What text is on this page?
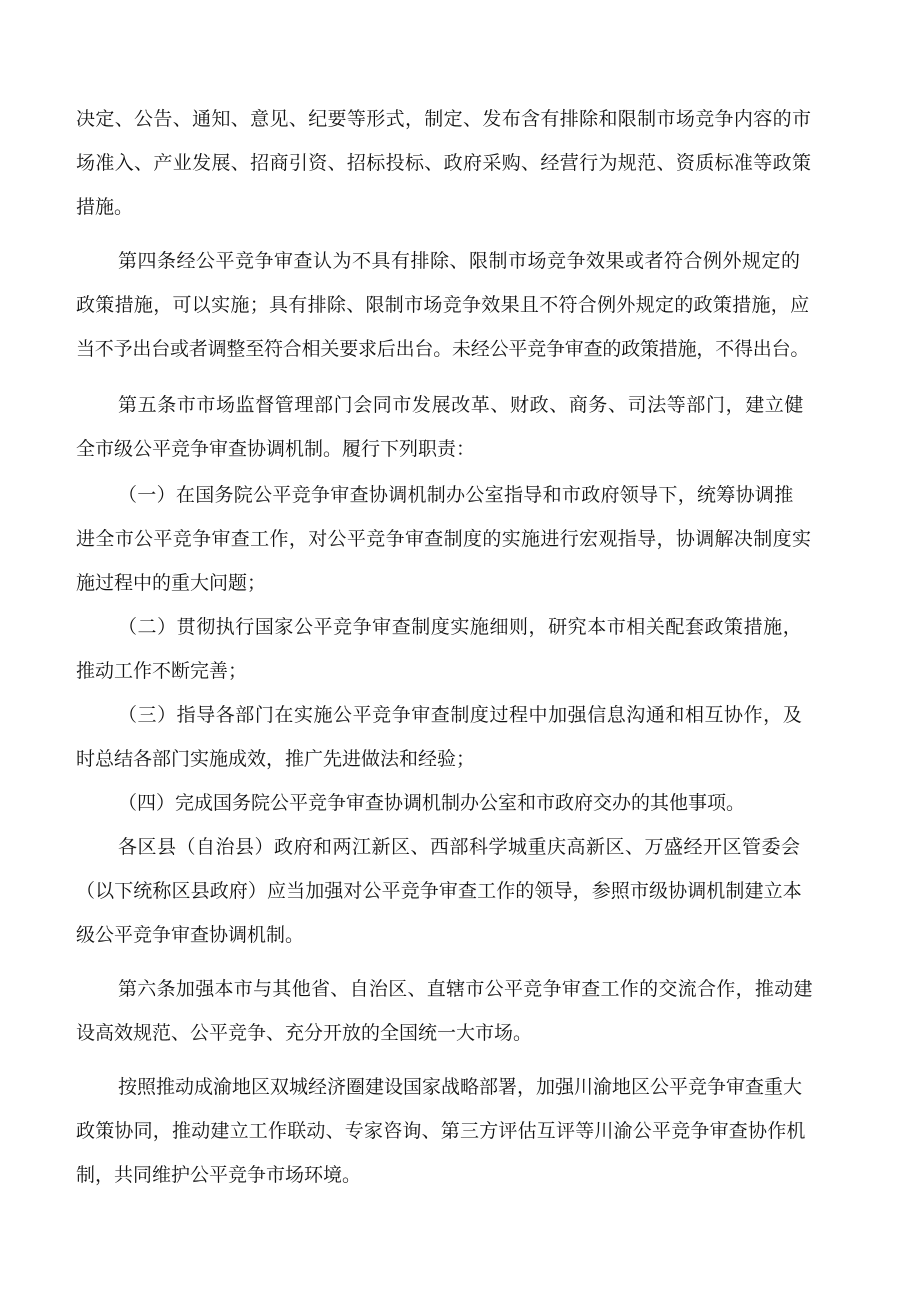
决定、公告、通知、意见、纪要等形式，制定、发布含有排除和限制市场竞争内容的市

场准入、产业发展、招商引资、招标投标、政府采购、经营行为规范、资质标准等政策

措施。

第四条经公平竞争审查认为不具有排除、限制市场竞争效果或者符合例外规定的

政策措施，可以实施；具有排除、限制市场竞争效果且不符合例外规定的政策措施，应

当不予出台或者调整至符合相关要求后出台。未经公平竞争审查的政策措施，不得出台。

第五条市市场监督管理部门会同市发展改革、财政、商务、司法等部门，建立健

全市级公平竞争审查协调机制。履行下列职责：

（一）在国务院公平竞争审查协调机制办公室指导和市政府领导下，统筹协调推

进全市公平竞争审查工作，对公平竞争审查制度的实施进行宏观指导，协调解决制度实

施过程中的重大问题；

（二）贯彻执行国家公平竞争审查制度实施细则，研究本市相关配套政策措施，

推动工作不断完善；

（三）指导各部门在实施公平竞争审查制度过程中加强信息沟通和相互协作，及

时总结各部门实施成效，推广先进做法和经验；

（四）完成国务院公平竞争审查协调机制办公室和市政府交办的其他事项。

各区县（自治县）政府和两江新区、西部科学城重庆高新区、万盛经开区管委会

（以下统称区县政府）应当加强对公平竞争审查工作的领导，参照市级协调机制建立本

级公平竞争审查协调机制。

第六条加强本市与其他省、自治区、直辖市公平竞争审查工作的交流合作，推动建

设高效规范、公平竞争、充分开放的全国统一大市场。

按照推动成渝地区双城经济圈建设国家战略部署，加强川渝地区公平竞争审查重大

政策协同，推动建立工作联动、专家咨询、第三方评估互评等川渝公平竞争审查协作机

制，共同维护公平竞争市场环境。
